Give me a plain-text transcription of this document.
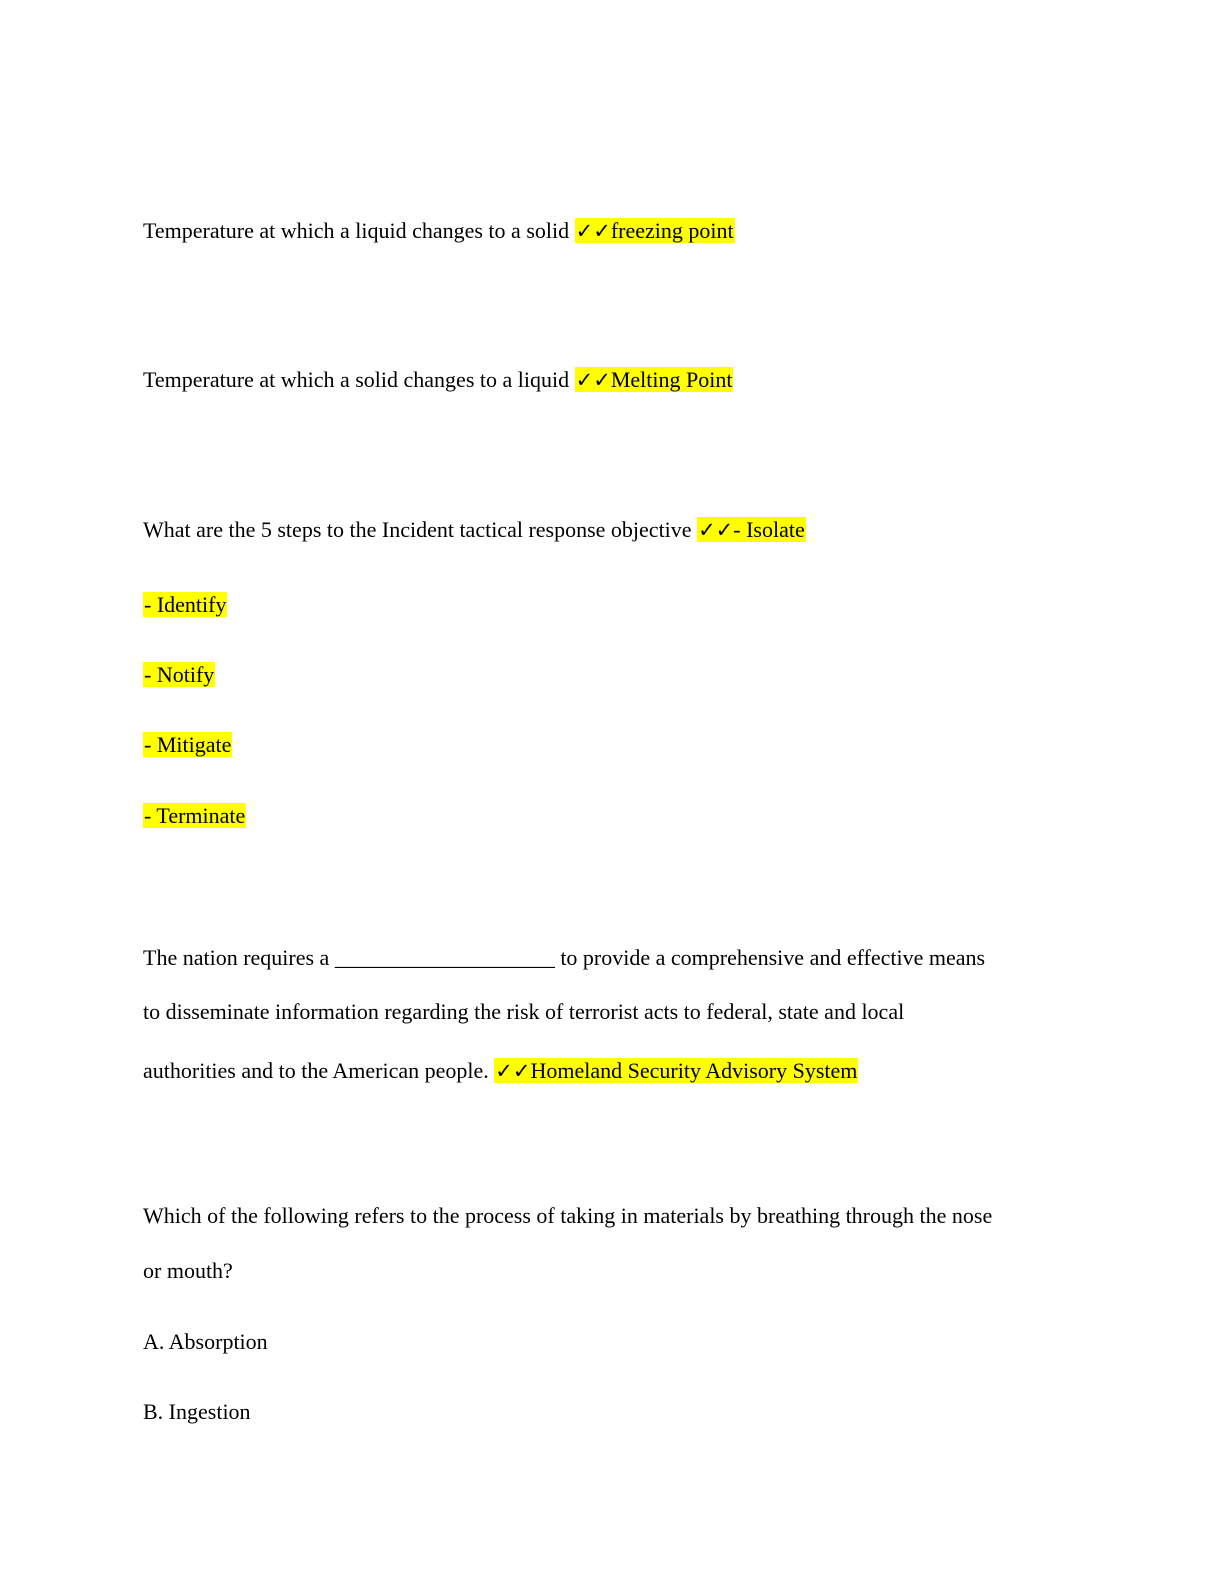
Temperature at which a liquid changes to a solid ✓✓freezing point
Temperature at which a solid changes to a liquid ✓✓Melting Point
What are the 5 steps to the Incident tactical response objective ✓✓- Isolate
- Identify
- Notify
- Mitigate
- Terminate
The nation requires a ____________________ to provide a comprehensive and effective means
to disseminate information regarding the risk of terrorist acts to federal, state and local
authorities and to the American people. ✓✓Homeland Security Advisory System
Which of the following refers to the process of taking in materials by breathing through the nose
or mouth?
A. Absorption
B. Ingestion
